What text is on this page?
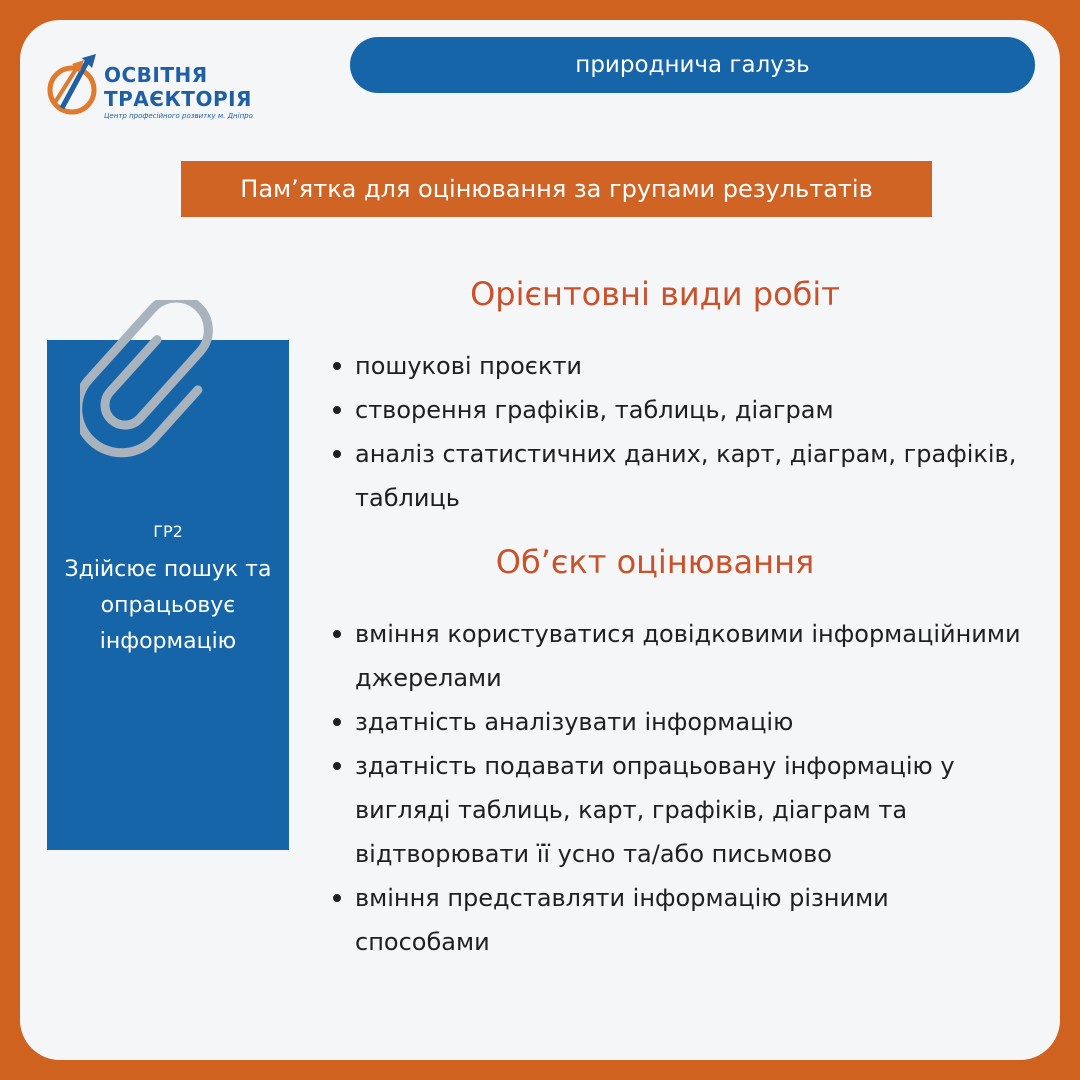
ОСВІТНЯ
ТРАЄКТОРІЯ
Центр професійного розвитку м. Дніпро
природнича галузь
Пам’ятка для оцінювання за групами результатів
ГР2
Здійсює пошук та опрацьовує інформацію
Орієнтовні види робіт
пошукові проєкти
створення графіків, таблиць, діаграм
аналіз статистичних даних, карт, діаграм, графіків, таблиць
Об’єкт оцінювання
вміння користуватися довідковими інформаційними джерелами
здатність аналізувати інформацію
здатність подавати опрацьовану інформацію у вигляді таблиць, карт, графіків, діаграм та відтворювати її усно та/або письмово
вміння представляти інформацію різними способами
